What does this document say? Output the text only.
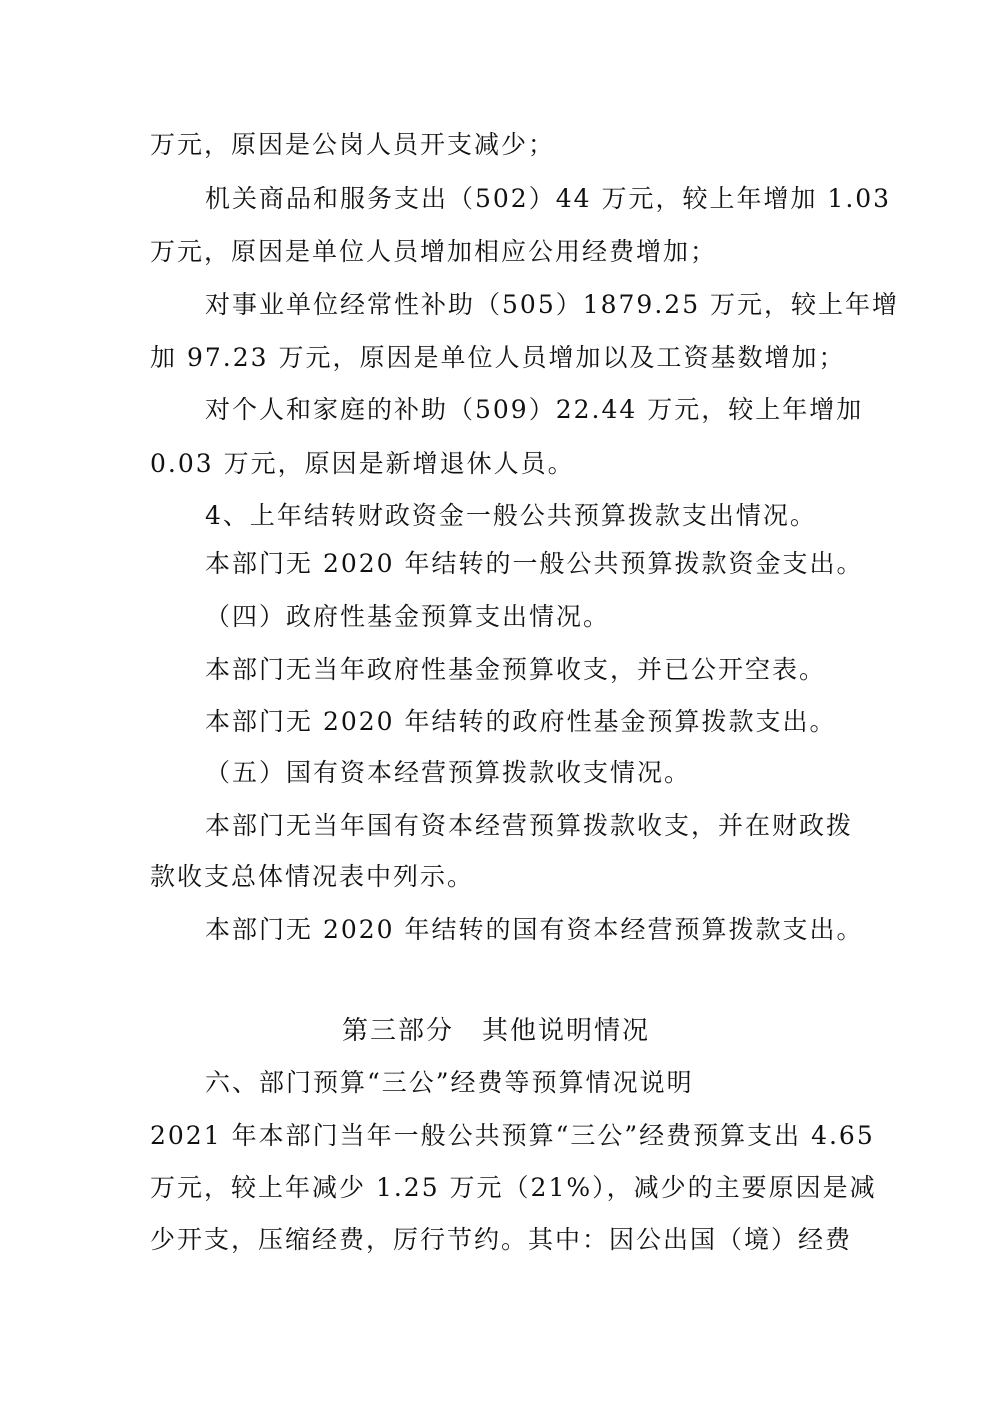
万元，原因是公岗人员开支减少；
机关商品和服务支出（502）44 万元，较上年增加 1.03
万元，原因是单位人员增加相应公用经费增加；
对事业单位经常性补助（505）1879.25 万元，较上年增
加 97.23 万元，原因是单位人员增加以及工资基数增加；
对个人和家庭的补助（509）22.44 万元，较上年增加
0.03 万元，原因是新增退休人员。
4、上年结转财政资金一般公共预算拨款支出情况。
本部门无 2020 年结转的一般公共预算拨款资金支出。
（四）政府性基金预算支出情况。
本部门无当年政府性基金预算收支，并已公开空表。
本部门无 2020 年结转的政府性基金预算拨款支出。
（五）国有资本经营预算拨款收支情况。
本部门无当年国有资本经营预算拨款收支，并在财政拨
款收支总体情况表中列示。
本部门无 2020 年结转的国有资本经营预算拨款支出。
第三部分　其他说明情况
六、部门预算“三公”经费等预算情况说明
2021 年本部门当年一般公共预算“三公”经费预算支出 4.65
万元，较上年减少 1.25 万元（21%），减少的主要原因是减
少开支，压缩经费，厉行节约。其中：因公出国（境）经费
